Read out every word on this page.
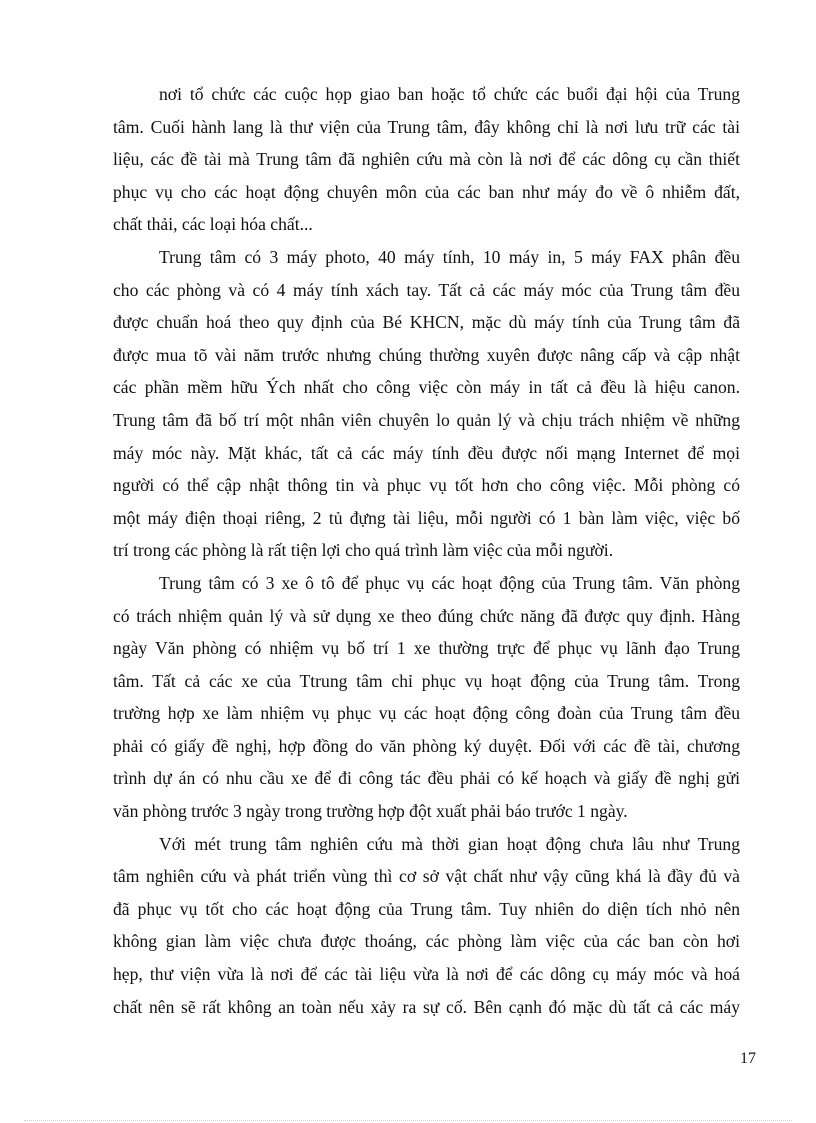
nơi tổ chức các cuộc họp giao ban hoặc tổ chức các buổi đại hội của Trung
tâm. Cuối hành lang là thư viện của Trung tâm, đây không chỉ là nơi lưu trữ các tài
liệu, các đề tài mà Trung tâm đã nghiên cứu mà còn là nơi để các dông cụ cần thiết
phục vụ cho các hoạt động chuyên môn của các ban như máy đo về ô nhiễm đất,
chất thải, các loại hóa chất...
Trung tâm có 3 máy photo, 40 máy tính, 10 máy in, 5 máy FAX phân đều
cho các phòng và có 4 máy tính xách tay. Tất cả các máy móc của Trung tâm đều
được chuẩn hoá theo quy định của Bé KHCN, mặc dù máy tính của Trung tâm đã
được mua tõ vài năm trước nhưng chúng thường xuyên được nâng cấp và cập nhật
các phần mềm hữu Ých nhất cho công việc còn máy in tất cả đều là hiệu canon.
Trung tâm đã bố trí một nhân viên chuyên lo quản lý và chịu trách nhiệm về những
máy móc này. Mặt khác, tất cả các máy tính đều được nối mạng Internet để mọi
người có thể cập nhật thông tin và phục vụ tốt hơn cho công việc. Mỗi phòng có
một máy điện thoại riêng, 2 tủ đựng tài liệu, mỗi người có 1 bàn làm việc, việc bố
trí trong các phòng là rất tiện lợi cho quá trình làm việc của mỗi người.
Trung tâm có 3 xe ô tô để phục vụ các hoạt động của Trung tâm. Văn phòng
có trách nhiệm quản lý và sử dụng xe theo đúng chức năng đã được quy định. Hàng
ngày Văn phòng có nhiệm vụ bố trí 1 xe thường trực để phục vụ lãnh đạo Trung
tâm. Tất cả các xe của Ttrung tâm chỉ phục vụ hoạt động của Trung tâm. Trong
trường hợp xe làm nhiệm vụ phục vụ các hoạt động công đoàn của Trung tâm đều
phải có giấy đề nghị, hợp đồng do văn phòng ký duyệt. Đối với các đề tài, chương
trình dự án có nhu cầu xe để đi công tác đều phải có kế hoạch và giấy đề nghị gửi
văn phòng trước 3 ngày trong trường hợp đột xuất phải báo trước 1 ngày.
Với mét trung tâm nghiên cứu mà thời gian hoạt động chưa lâu như Trung
tâm nghiên cứu và phát triển vùng thì cơ sở vật chất như vậy cũng khá là đầy đủ và
đã phục vụ tốt cho các hoạt động của Trung tâm. Tuy nhiên do diện tích nhỏ nên
không gian làm việc chưa được thoáng, các phòng làm việc của các ban còn hơi
hẹp, thư viện vừa là nơi để các tài liệu vừa là nơi để các dông cụ máy móc và hoá
chất nên sẽ rất không an toàn nếu xảy ra sự cố. Bên cạnh đó mặc dù tất cả các máy
17
